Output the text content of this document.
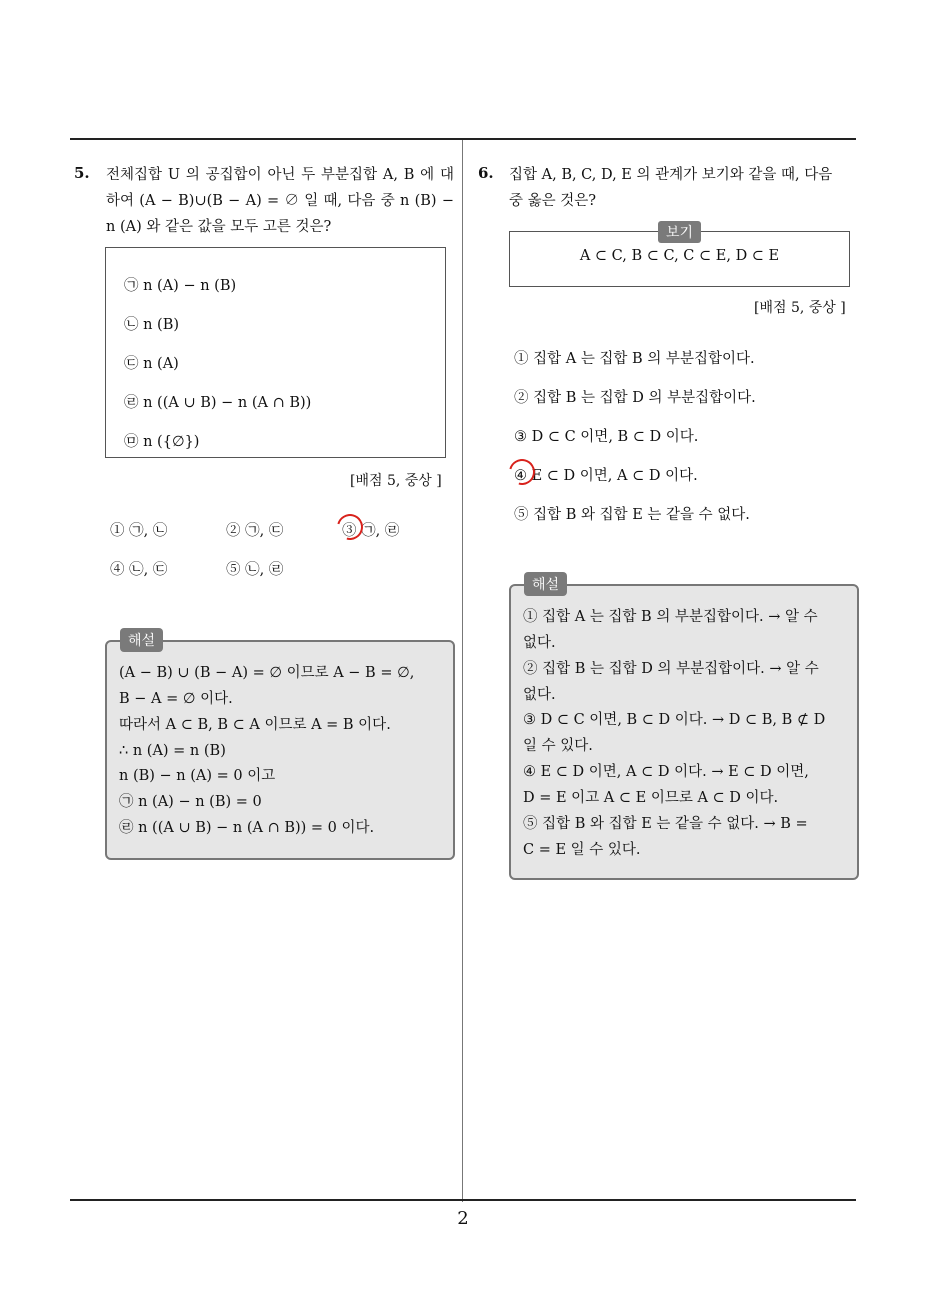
5. 전체집합 U 의 공집합이 아닌 두 부분집합 A, B 에 대하여 (A − B)∪(B − A) = ∅ 일 때, 다음 중 n (B) − n (A) 와 같은 값을 모두 고른 것은?
㉠ n (A) − n (B)
㉡ n (B)
㉢ n (A)
㉣ n ((A ∪ B) − n (A ∩ B))
㉤ n ({∅})
[배점 5, 중상 ]
① ㉠, ㉡	② ㉠, ㉢	③ ㉠, ㉣
④ ㉡, ㉢	⑤ ㉡, ㉣
(A − B) ∪ (B − A) = ∅ 이므로 A − B = ∅,
B − A = ∅ 이다.
따라서 A ⊂ B, B ⊂ A 이므로 A = B 이다.
∴ n (A) = n (B)
n (B) − n (A) = 0 이고
㉠ n (A) − n (B) = 0
㉣ n ((A ∪ B) − n (A ∩ B)) = 0 이다.
해설
6. 집합 A, B, C, D, E 의 관계가 보기와 같을 때, 다음
중 옳은 것은?
A ⊂ C, B ⊂ C, C ⊂ E, D ⊂ E
보기
[배점 5, 중상 ]
① 집합 A 는 집합 B 의 부분집합이다.
② 집합 B 는 집합 D 의 부분집합이다.
③ D ⊂ C 이면, B ⊂ D 이다.
④ E ⊂ D 이면, A ⊂ D 이다.
⑤ 집합 B 와 집합 E 는 같을 수 없다.
① 집합 A 는 집합 B 의 부분집합이다. → 알 수
없다.
② 집합 B 는 집합 D 의 부분집합이다. → 알 수
없다.
③ D ⊂ C 이면, B ⊂ D 이다. → D ⊂ B, B ⊄ D
일 수 있다.
④ E ⊂ D 이면, A ⊂ D 이다. → E ⊂ D 이면,
D = E 이고 A ⊂ E 이므로 A ⊂ D 이다.
⑤ 집합 B 와 집합 E 는 같을 수 없다. → B =
C = E 일 수 있다.
해설
2
